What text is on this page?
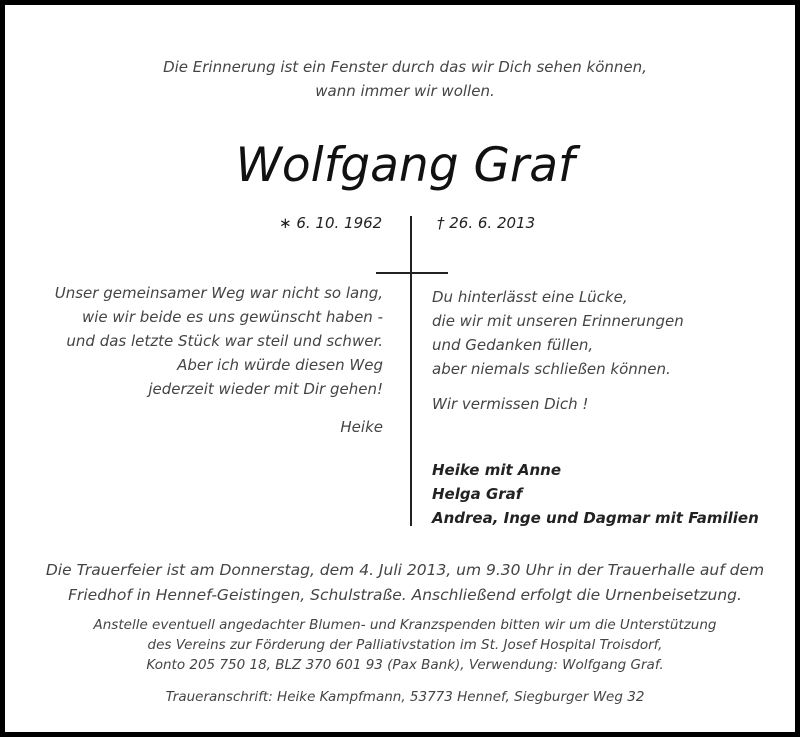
Die Erinnerung ist ein Fenster durch das wir Dich sehen können,
wann immer wir wollen.
Wolfgang Graf
∗ 6. 10. 1962	† 26. 6. 2013
Unser gemeinsamer Weg war nicht so lang,
wie wir beide es uns gewünscht haben -
und das letzte Stück war steil und schwer.
Aber ich würde diesen Weg
jederzeit wieder mit Dir gehen!
Heike
Du hinterlässt eine Lücke,
die wir mit unseren Erinnerungen
und Gedanken füllen,
aber niemals schließen können.
Wir vermissen Dich !
Heike mit Anne
Helga Graf
Andrea, Inge und Dagmar mit Familien
Die Trauerfeier ist am Donnerstag, dem 4. Juli 2013, um 9.30 Uhr in der Trauerhalle auf dem
Friedhof in Hennef-Geistingen, Schulstraße. Anschließend erfolgt die Urnenbeisetzung.
Anstelle eventuell angedachter Blumen- und Kranzspenden bitten wir um die Unterstützung
des Vereins zur Förderung der Palliativstation im St. Josef Hospital Troisdorf,
Konto 205 750 18, BLZ 370 601 93 (Pax Bank), Verwendung: Wolfgang Graf.
Traueranschrift: Heike Kampfmann, 53773 Hennef, Siegburger Weg 32
